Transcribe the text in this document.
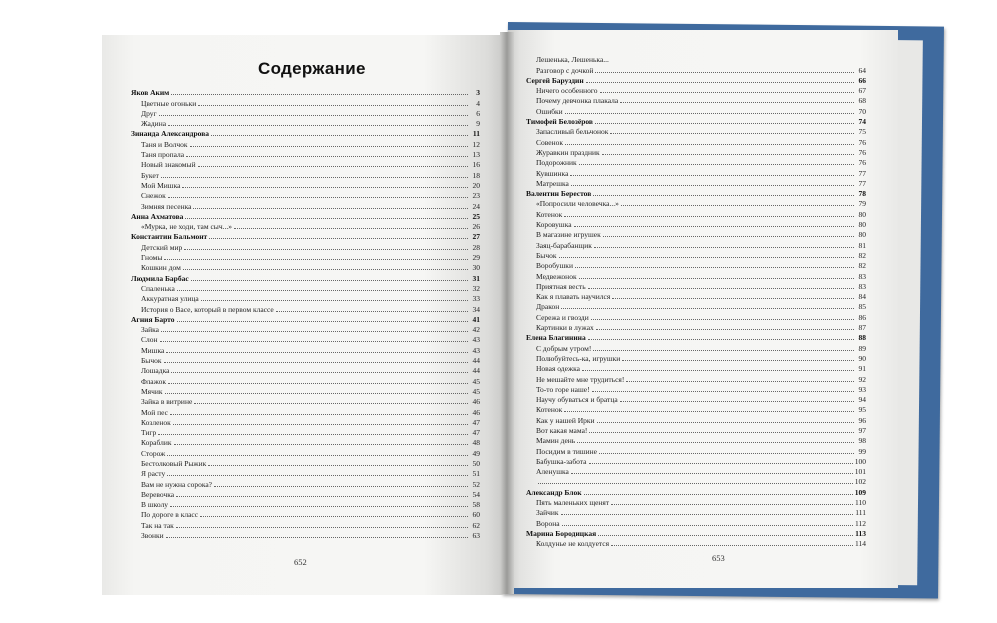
Содержание
Яков Аким	3
Цветные огоньки	4
Друг	6
Жадина	9
Зинаида Александрова	11
Таня и Волчок	12
Таня пропала	13
Новый знакомый	16
Букет	18
Мой Мишка	20
Снежок	23
Зимняя песенка	24
Анна Ахматова	25
«Мурка, не ходи, там сыч...»	26
Константин Бальмонт	27
Детский мир	28
Гномы	29
Кошкин дом	30
Людмила Барбас	31
Спаленька	32
Аккуратная улица	33
История о Васе, который в первом классе	34
Агния Барто	41
Зайка	42
Слон	43
Мишка	43
Бычок	44
Лошадка	44
Флажок	45
Мячик	45
Зайка в витрине	46
Мой пес	46
Козленок	47
Тигр	47
Кораблик	48
Сторож	49
Бестолковый Рыжик	50
Я расту	51
Вам не нужна сорока?	52
Веревочка	54
В школу	58
По дороге в класс	60
Так на так	62
Звонки	63
Лешенька, Лешенька...
Разговор с дочкой	64
Сергей Баруздин	66
Ничего особенного	67
Почему девчонка плакала	68
Ошибки	70
Тимофей Белозёров	74
Запасливый бельчонок	75
Совенок	76
Журавкин праздник	76
Подорожник	76
Кувшинка	77
Матрешка	77
Валентин Берестов	78
«Попросили человечка...»	79
Котенок	80
Коровушка	80
В магазине игрушек	80
Заяц-барабанщик	81
Бычок	82
Воробушки	82
Медвежонок	83
Приятная весть	83
Как я плавать научился	84
Дракон	85
Сережа и гвозди	86
Картинки в лужах	87
Елена Благинина	88
С добрым утром!	89
Полюбуйтесь-ка, игрушки	90
Новая одежка	91
Не мешайте мне трудиться!	92
То-то горе наше!	93
Научу обуваться и братца	94
Котенок	95
Как у нашей Ирки	96
Вот какая мама!	97
Мамин день	98
Посидим в тишине	99
Бабушка-забота	100
Аленушка	101
102
Александр Блок	109
Пять маленьких щенят	110
Зайчик	111
Ворона	112
Марина Бородицкая	113
Колдунье не колдуется	114
652	653
